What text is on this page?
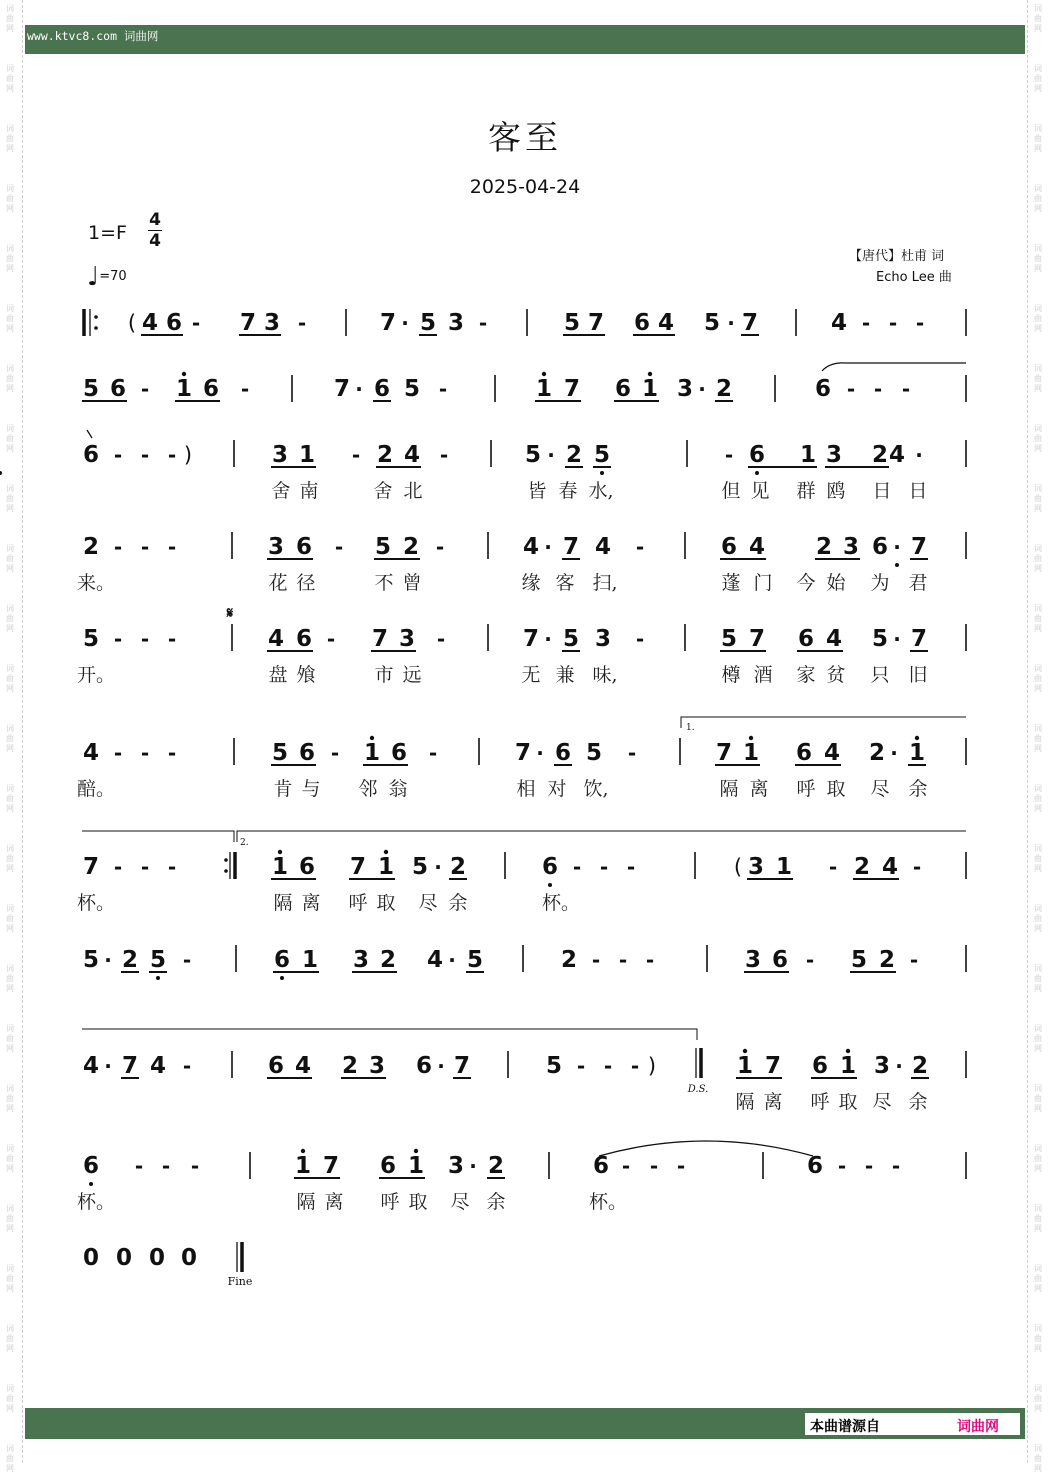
词
曲
网
词
曲
网
词
曲
网
词
曲
网
词
曲
网
词
曲
网
词
曲
网
词
曲
网
词
曲
网
词
曲
网
词
曲
网
词
曲
网
词
曲
网
词
曲
网
词
曲
网
词
曲
网
词
曲
网
词
曲
网
词
曲
网
词
曲
网
词
曲
网
词
曲
网
词
曲
网
词
曲
网
词
曲
网
词
曲
网
词
曲
网
词
曲
网
词
曲
网
词
曲
网
词
曲
网
词
曲
网
词
曲
网
词
曲
网
词
曲
网
词
曲
网
词
曲
网
词
曲
网
词
曲
网
词
曲
网
词
曲
网
词
曲
网
词
曲
网
词
曲
网
词
曲
网
词
曲
网
词
曲
网
词
曲
网
词
曲
网
词
曲
网
www.ktvc8.com 词曲网
本曲谱源自	词曲网
客至
2025-04-24
1=F
4
4
♩=70
【唐代】杜甫 词
Echo Lee 曲
( 4 6 - 7 3 -	7 · 5 3 -	5 7 6 4 5 · 7	4 - - -
5 6 - 1 6 -	7 · 6 5 -	1 7 6 1 3 · 2	6 - - -
6 - - - )	3 1 - 2 4 -	5 · 2 5	- 6 1 3 2 4 ·
2 - - -	3 6 - 5 2 -	4 · 7 4 -	6 4 2 3 6 · 7
5 - - -	4 6 - 7 3 -	7 · 5 3 -	5 7 6 4 5 · 7
4 - - -	5 6 - 1 6 -	7 · 6 5 -	7 1 6 4 2 · 1
7 - - -	1 6 7 1 5 · 2	6 - - -	( 3 1 - 2 4 -
5 · 2 5 -	6 1 3 2 4 · 5	2 - - -	3 6 - 5 2 -
4 · 7 4 -	6 4 2 3 6 · 7	5 - - - )	1 7 6 1 3 · 2
6 - - -	1 7 6 1 3 · 2	6 - - -	6 - - -
0 0 0 0
舍 南	舍 北	皆 春 水,	但 见 群 鸥 日 日
来。	花 径	不 曾	缘 客 扫,	蓬 门 今 始 为 君
开。	盘 飧	市 远	无 兼 味,	樽 酒 家 贫 只 旧
醅。	肯 与 邻 翁	相 对 饮,	隔 离 呼 取 尽 余
杯。	隔 离 呼 取 尽 余	杯。
隔 离 呼 取 尽 余
杯。	隔 离 呼 取 尽 余	杯。
𝄋
D.S.
Fine
1.
2.
